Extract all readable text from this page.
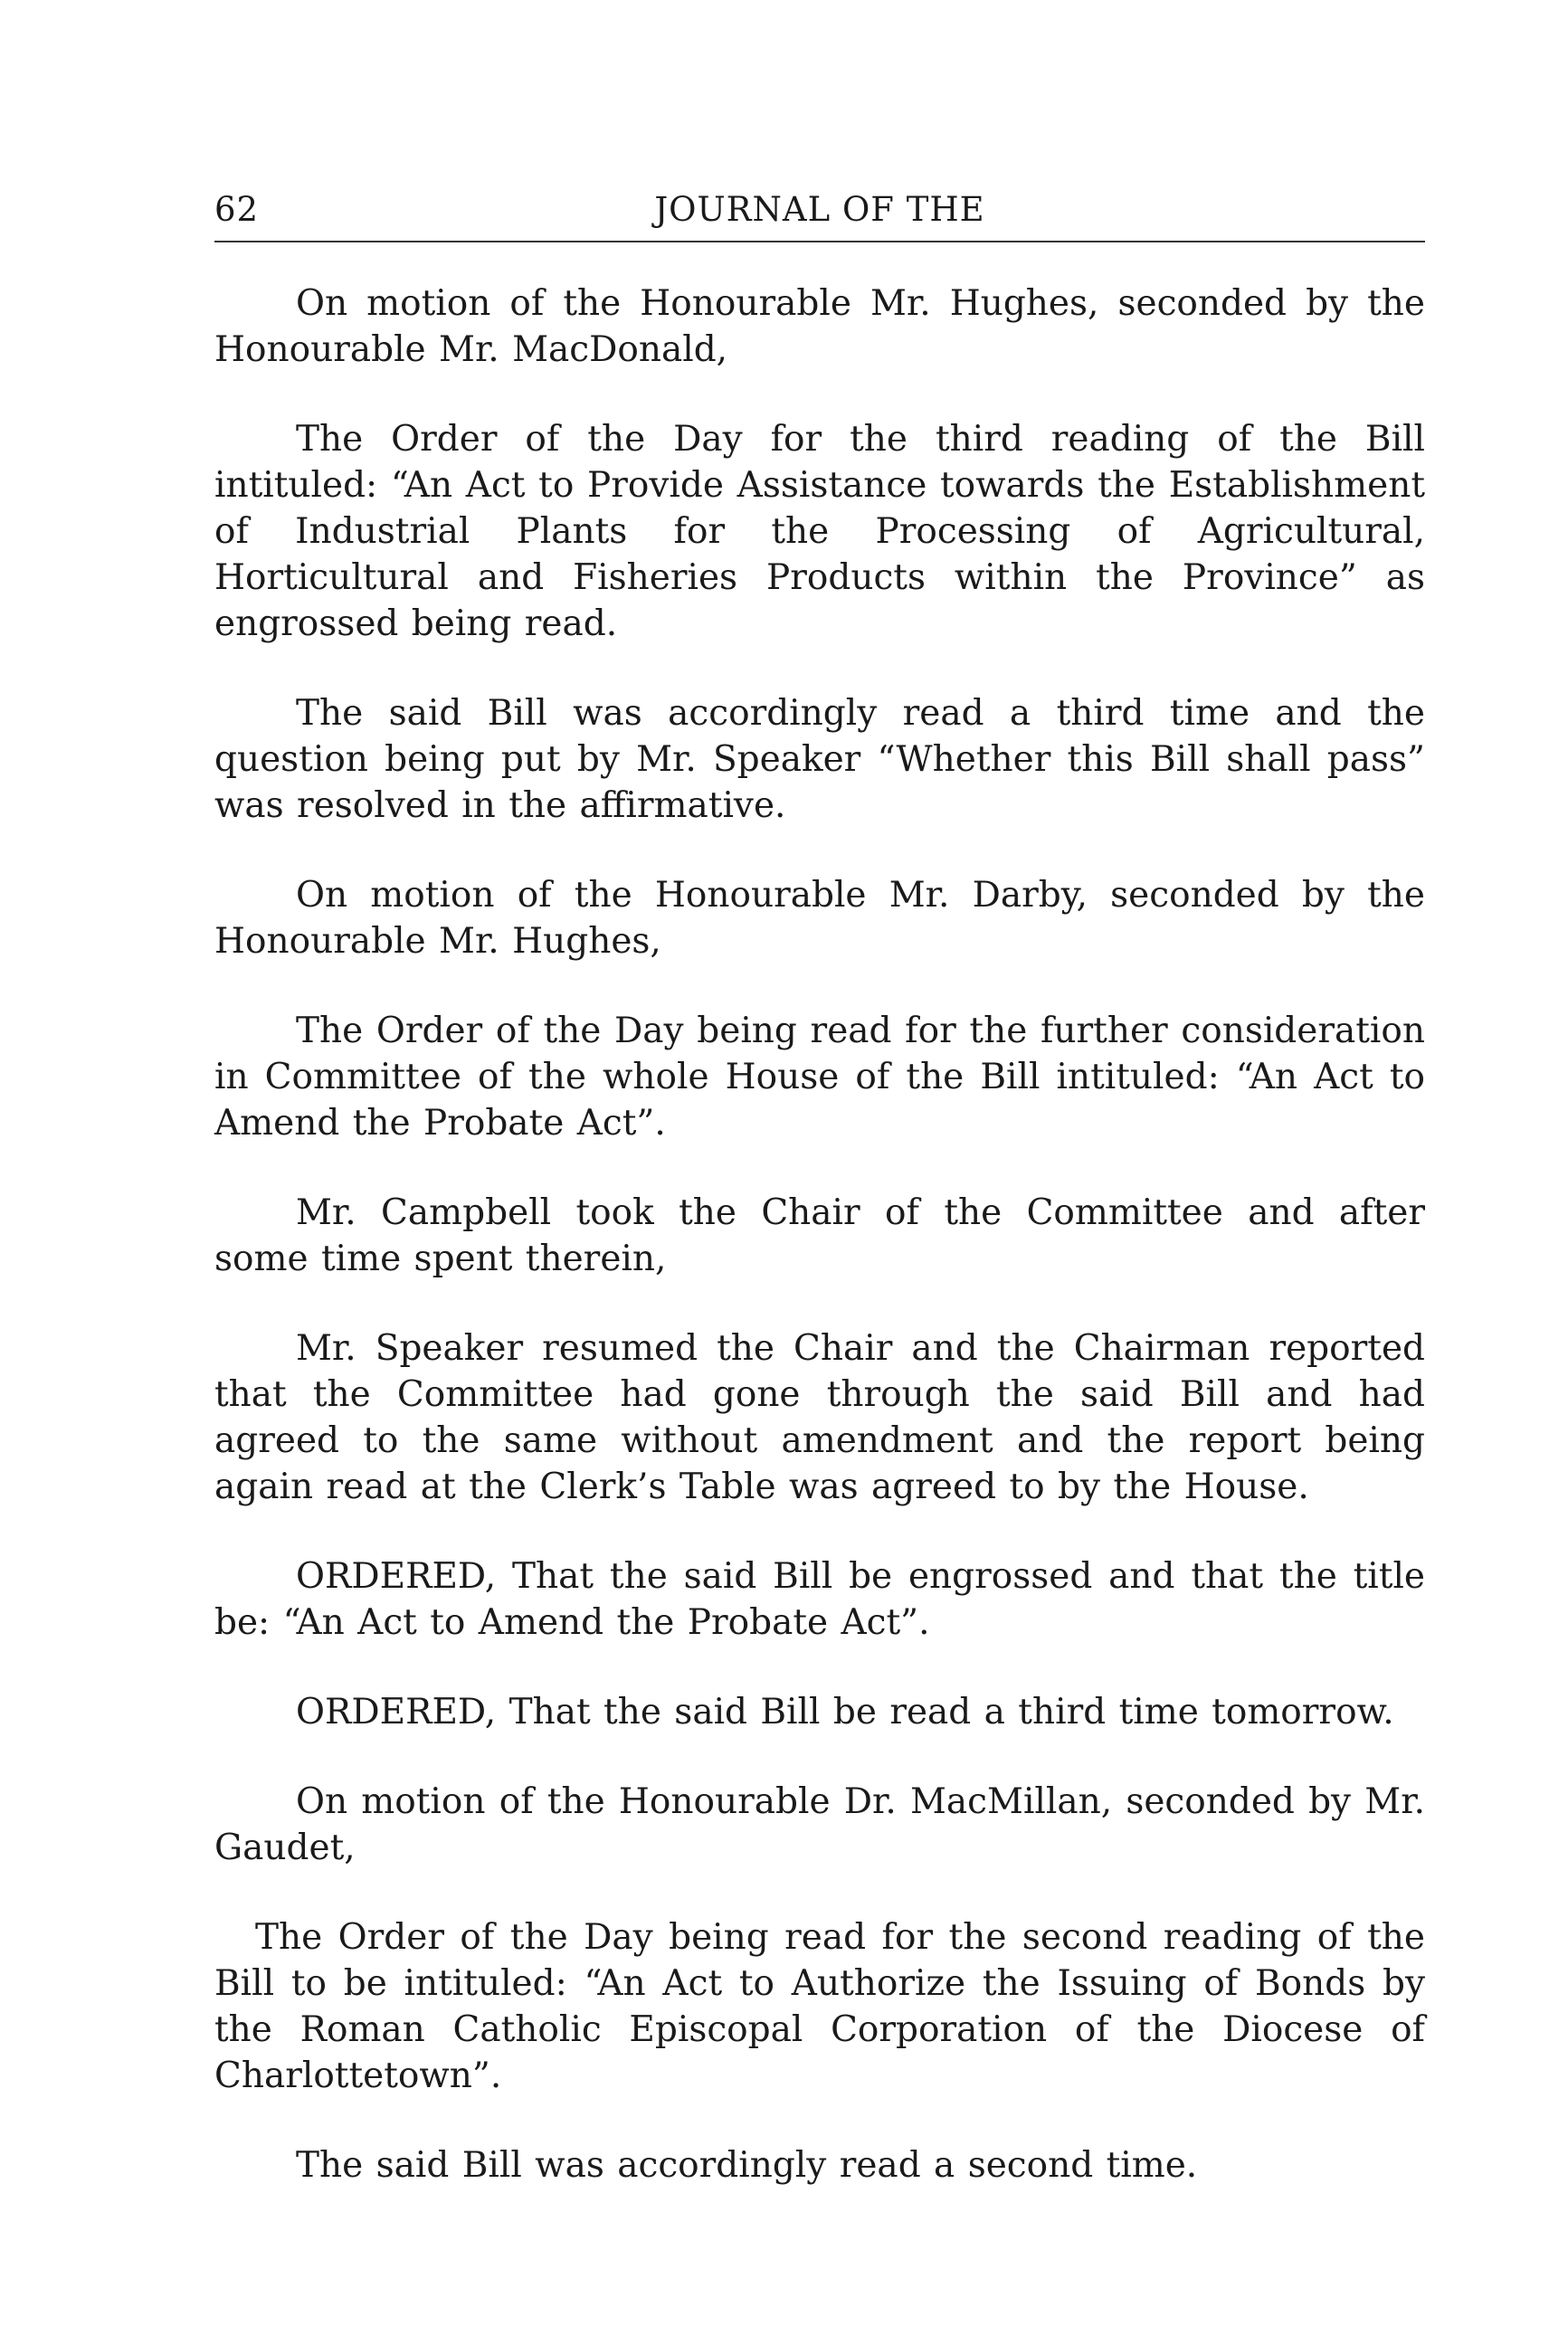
62	JOURNAL OF THE

On motion of the Honourable Mr. Hughes, seconded by the Honourable Mr. MacDonald,

The Order of the Day for the third reading of the Bill intituled: “An Act to Provide Assistance towards the Establishment of Industrial Plants for the Processing of Agricultural, Horticultural and Fisheries Products within the Province” as engrossed being read.

The said Bill was accordingly read a third time and the question being put by Mr. Speaker “Whether this Bill shall pass” was resolved in the affirmative.

On motion of the Honourable Mr. Darby, seconded by the Honourable Mr. Hughes,

The Order of the Day being read for the further consideration in Committee of the whole House of the Bill intituled: “An Act to Amend the Probate Act”.

Mr. Campbell took the Chair of the Committee and after some time spent therein,

Mr. Speaker resumed the Chair and the Chairman reported that the Committee had gone through the said Bill and had agreed to the same without amendment and the report being again read at the Clerk’s Table was agreed to by the House.

ORDERED, That the said Bill be engrossed and that the title be: “An Act to Amend the Probate Act”.

ORDERED, That the said Bill be read a third time tomorrow.

On motion of the Honourable Dr. MacMillan, seconded by Mr. Gaudet,

The Order of the Day being read for the second reading of the Bill to be intituled: “An Act to Authorize the Issuing of Bonds by the Roman Catholic Episcopal Corporation of the Diocese of Charlottetown”.

The said Bill was accordingly read a second time.
